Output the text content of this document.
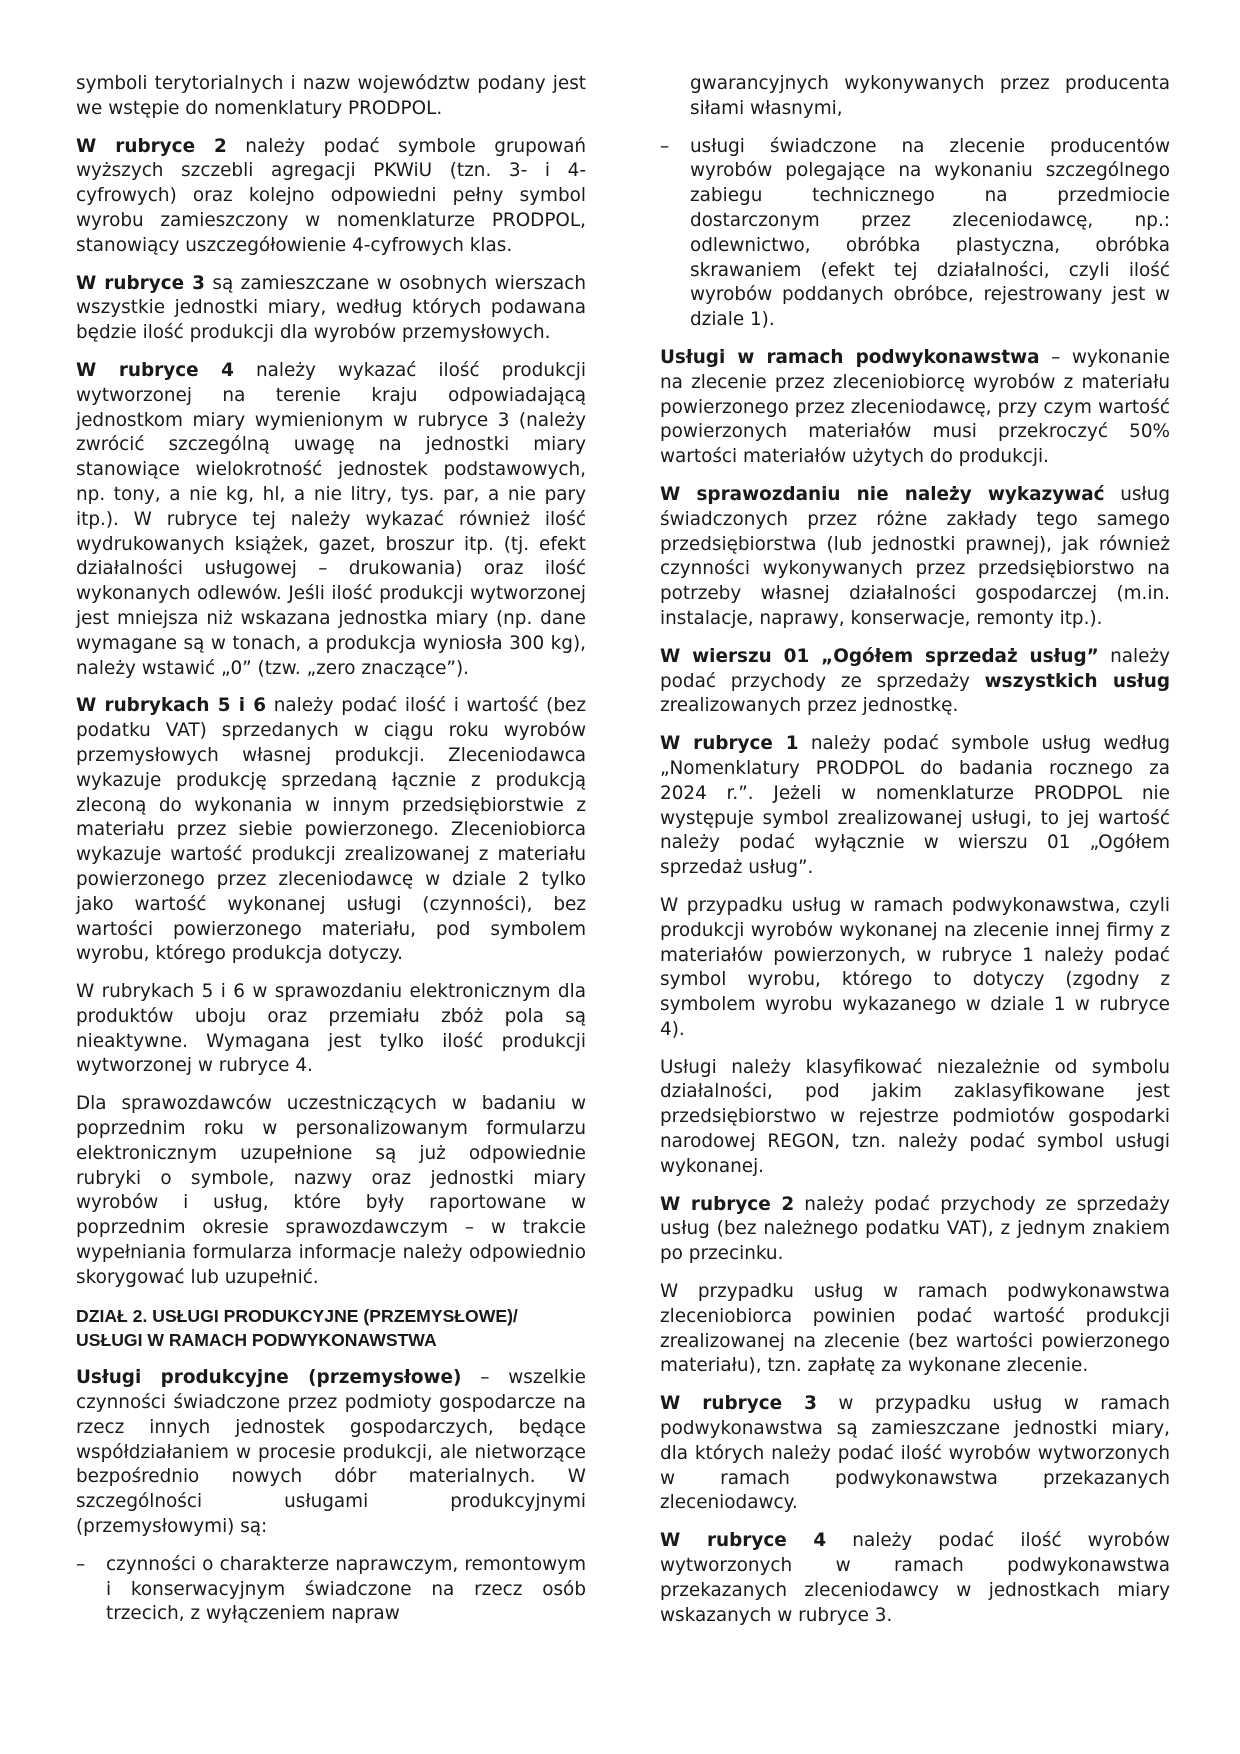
symboli terytorialnych i nazw województw podany jest we wstępie do nomenklatury PRODPOL.

W rubryce 2 należy podać symbole grupowań wyższych szczebli agregacji PKWiU (tzn. 3- i 4-cyfrowych) oraz kolejno odpowiedni pełny symbol wyrobu zamieszczony w nomenklaturze PRODPOL, stanowiący uszczegółowienie 4-cyfrowych klas.

W rubryce 3 są zamieszczane w osobnych wierszach wszystkie jednostki miary, według których podawana będzie ilość produkcji dla wyrobów przemysłowych.

W rubryce 4 należy wykazać ilość produkcji wytworzonej na terenie kraju odpowiadającą jednostkom miary wymienionym w rubryce 3 (należy zwrócić szczególną uwagę na jednostki miary stanowiące wielokrotność jednostek podstawowych, np. tony, a nie kg, hl, a nie litry, tys. par, a nie pary itp.). W rubryce tej należy wykazać również ilość wydrukowanych książek, gazet, broszur itp. (tj. efekt działalności usługowej – drukowania) oraz ilość wykonanych odlewów. Jeśli ilość produkcji wytworzonej jest mniejsza niż wskazana jednostka miary (np. dane wymagane są w tonach, a produkcja wyniosła 300 kg), należy wstawić „0” (tzw. „zero znaczące”).

W rubrykach 5 i 6 należy podać ilość i wartość (bez podatku VAT) sprzedanych w ciągu roku wyrobów przemysłowych własnej produkcji. Zleceniodawca wykazuje produkcję sprzedaną łącznie z produkcją zleconą do wykonania w innym przedsiębiorstwie z materiału przez siebie powierzonego. Zleceniobiorca wykazuje wartość produkcji zrealizowanej z materiału powierzonego przez zleceniodawcę w dziale 2 tylko jako wartość wykonanej usługi (czynności), bez wartości powierzonego materiału, pod symbolem wyrobu, którego produkcja dotyczy.

W rubrykach 5 i 6 w sprawozdaniu elektronicznym dla produktów uboju oraz przemiału zbóż pola są nieaktywne. Wymagana jest tylko ilość produkcji wytworzonej w rubryce 4.

Dla sprawozdawców uczestniczących w badaniu w poprzednim roku w personalizowanym formularzu elektronicznym uzupełnione są już odpowiednie rubryki o symbole, nazwy oraz jednostki miary wyrobów i usług, które były raportowane w poprzednim okresie sprawozdawczym – w trakcie wypełniania formularza informacje należy odpowiednio skorygować lub uzupełnić.

DZIAŁ 2. USŁUGI PRODUKCYJNE (PRZEMYSŁOWE)/
USŁUGI W RAMACH PODWYKONAWSTWA

Usługi produkcyjne (przemysłowe) – wszelkie czynności świadczone przez podmioty gospodarcze na rzecz innych jednostek gospodarczych, będące współdziałaniem w procesie produkcji, ale nietworzące bezpośrednio nowych dóbr materialnych. W szczególności usługami produkcyjnymi (przemysłowymi) są:

– czynności o charakterze naprawczym, remontowym i konserwacyjnym świadczone na rzecz osób trzecich, z wyłączeniem napraw
gwarancyjnych wykonywanych przez producenta siłami własnymi,
– usługi świadczone na zlecenie producentów wyrobów polegające na wykonaniu szczególnego zabiegu technicznego na przedmiocie dostarczonym przez zleceniodawcę, np.: odlewnictwo, obróbka plastyczna, obróbka skrawaniem (efekt tej działalności, czyli ilość wyrobów poddanych obróbce, rejestrowany jest w dziale 1).

Usługi w ramach podwykonawstwa – wykonanie na zlecenie przez zleceniobiorcę wyrobów z materiału powierzonego przez zleceniodawcę, przy czym wartość powierzonych materiałów musi przekroczyć 50% wartości materiałów użytych do produkcji.

W sprawozdaniu nie należy wykazywać usług świadczonych przez różne zakłady tego samego przedsiębiorstwa (lub jednostki prawnej), jak również czynności wykonywanych przez przedsiębiorstwo na potrzeby własnej działalności gospodarczej (m.in. instalacje, naprawy, konserwacje, remonty itp.).

W wierszu 01 „Ogółem sprzedaż usług” należy podać przychody ze sprzedaży wszystkich usług zrealizowanych przez jednostkę.

W rubryce 1 należy podać symbole usług według „Nomenklatury PRODPOL do badania rocznego za 2024 r.”. Jeżeli w nomenklaturze PRODPOL nie występuje symbol zrealizowanej usługi, to jej wartość należy podać wyłącznie w wierszu 01 „Ogółem sprzedaż usług”.

W przypadku usług w ramach podwykonawstwa, czyli produkcji wyrobów wykonanej na zlecenie innej firmy z materiałów powierzonych, w rubryce 1 należy podać symbol wyrobu, którego to dotyczy (zgodny z symbolem wyrobu wykazanego w dziale 1 w rubryce 4).

Usługi należy klasyfikować niezależnie od symbolu działalności, pod jakim zaklasyfikowane jest przedsiębiorstwo w rejestrze podmiotów gospodarki narodowej REGON, tzn. należy podać symbol usługi wykonanej.

W rubryce 2 należy podać przychody ze sprzedaży usług (bez należnego podatku VAT), z jednym znakiem po przecinku.

W przypadku usług w ramach podwykonawstwa zleceniobiorca powinien podać wartość produkcji zrealizowanej na zlecenie (bez wartości powierzonego materiału), tzn. zapłatę za wykonane zlecenie.

W rubryce 3 w przypadku usług w ramach podwykonawstwa są zamieszczane jednostki miary, dla których należy podać ilość wyrobów wytworzonych w ramach podwykonawstwa przekazanych zleceniodawcy.

W rubryce 4 należy podać ilość wyrobów wytworzonych w ramach podwykonawstwa przekazanych zleceniodawcy w jednostkach miary wskazanych w rubryce 3.
